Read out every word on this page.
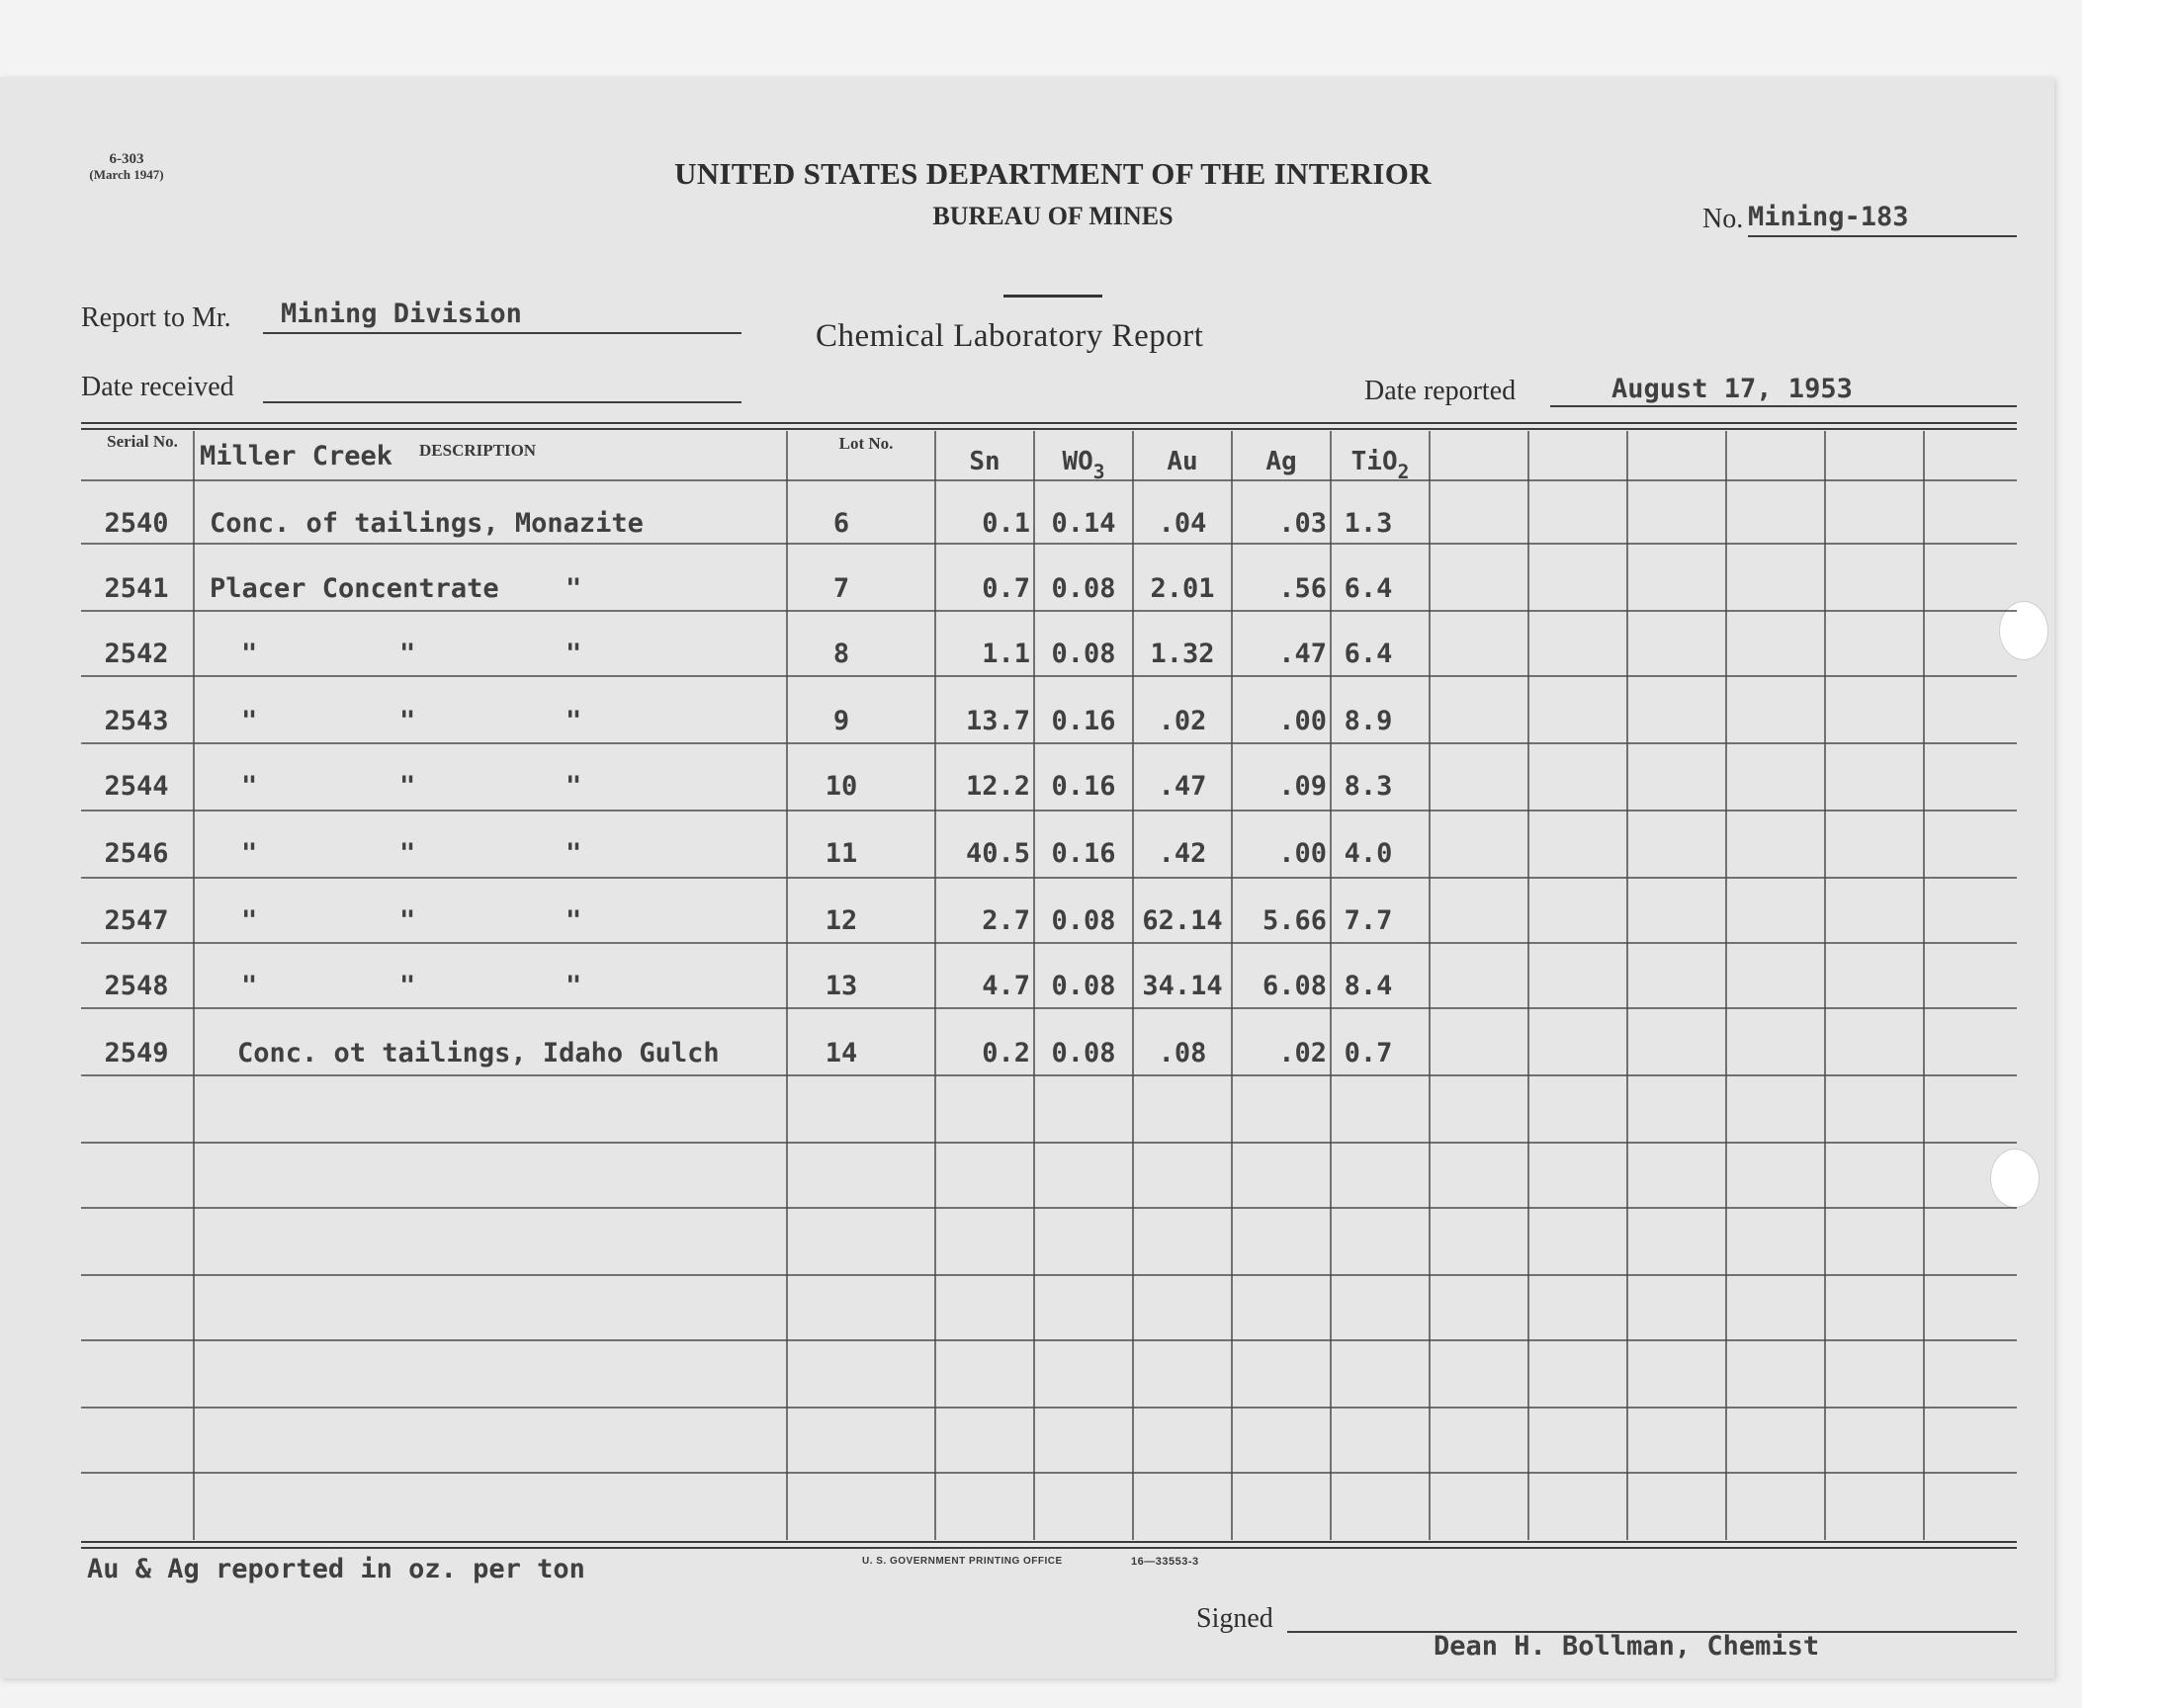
6-303
(March 1947)	UNITED STATES DEPARTMENT OF THE INTERIOR
BUREAU OF MINES	No. Mining-183
Report to Mr. Mining Division
Chemical Laboratory Report
Date received	Date reported	August 17, 1953
Serial No. Miller Creek DESCRIPTION	Lot No.
Sn	$WO_3$	Au	Ag	TiO$_2$
2540	Conc. of tailings, Monazite	6	0.1 0.14	.04	.03 1.3
2541	Placer Concentrate "	7	0.7 0.08	2.01	.56 6.4
2542	"	"	"	8	1.1 0.08	1.32	.47 6.4
2543	"	"	"	9	13.7 0.16	.02	.00 8.9
2544	"	"	"	10	12.2 0.16	.47	.09 8.3
2546	"	"	"	11	40.5 0.16	.42	.00 4.0
2547	"	"	"	12	2.7 0.08 62.14	5.66 7.7
2548	"	"	"	13	4.7 0.08 34.14	6.08 8.4
2549	Conc. ot tailings, Idaho Gulch	14	0.2 0.08	.08	.02 0.7
Au & Ag reported in oz. per ton	U. S. GOVERNMENT PRINTING OFFICE	16—33553-3
Signed
Dean H. Bollman, Chemist
